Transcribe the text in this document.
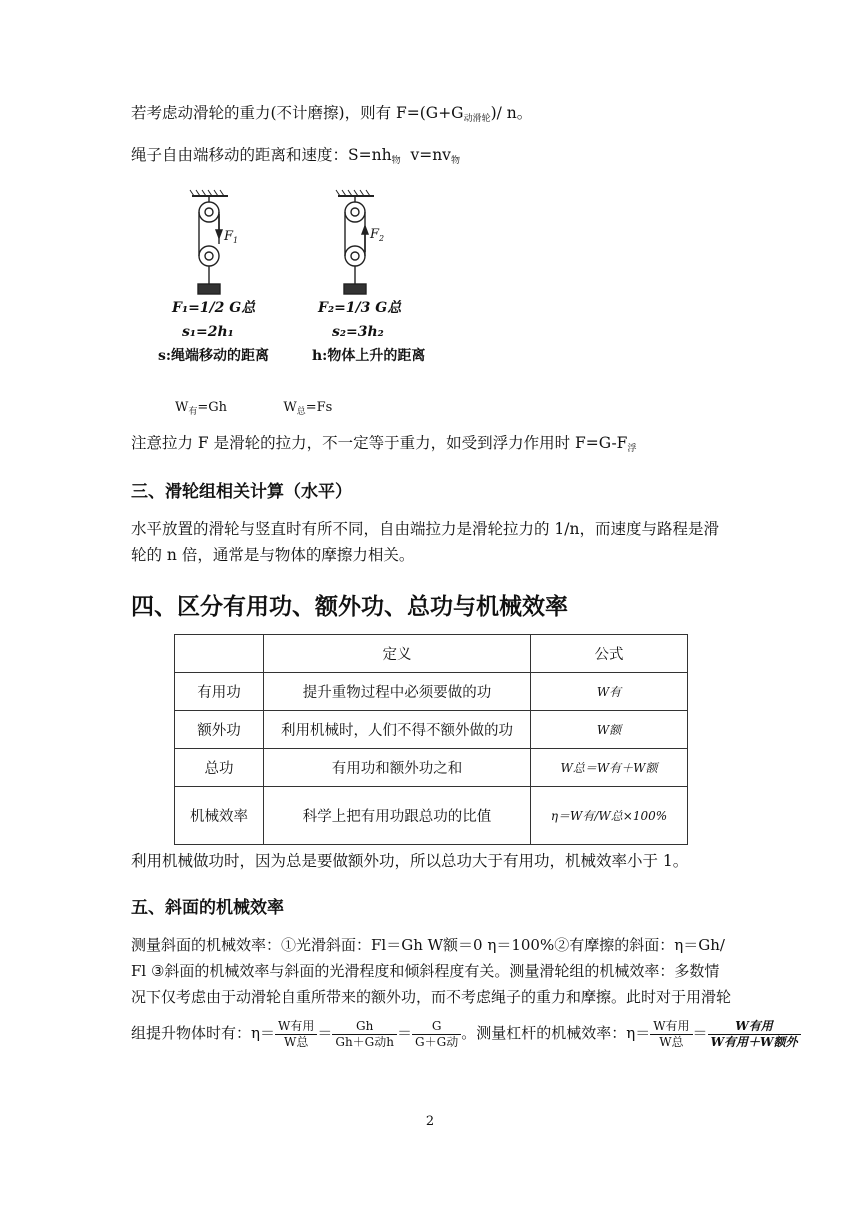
若考虑动滑轮的重力(不计磨擦)，则有 $F=(G+G_{动滑轮})/$ n。
绳子自由端移动的距离和速度：$S=nh_物$  $v=nv_物$
$F_1$	$F_2$
F₁=1/2 G总
s₁=2h₁
F₂=1/3 G总
s₂=3h₂
s:绳端移动的距离	h:物体上升的距离
$W_有=Gh$	$W_总=Fs$
注意拉力 F 是滑轮的拉力，不一定等于重力，如受到浮力作用时 $F=G-F_浮$
三、滑轮组相关计算（水平）
水平放置的滑轮与竖直时有所不同，自由端拉力是滑轮拉力的 1/n，而速度与路程是滑轮的 n 倍，通常是与物体的摩擦力相关。
四、区分有用功、额外功、总功与机械效率
	定义	公式
有用功	提升重物过程中必须要做的功	W有
额外功	利用机械时，人们不得不额外做的功	W额
总功	有用功和额外功之和	W总＝W有＋W额
机械效率	科学上把有用功跟总功的比值	η＝W有/W总×100%
利用机械做功时，因为总是要做额外功，所以总功大于有用功，机械效率小于 1。
五、斜面的机械效率
测量斜面的机械效率：①光滑斜面：Fl＝Gh W额＝0 η＝100%②有摩擦的斜面：η＝Gh/
Fl ③斜面的机械效率与斜面的光滑程度和倾斜程度有关。测量滑轮组的机械效率：多数情
况下仅考虑由于动滑轮自重所带来的额外功，而不考虑绳子的重力和摩擦。此时对于用滑轮
组提升物体时有：$\eta= \frac{\text{W有用}}{\text{W总}} = \frac{Gh}{\text{Gh＋G动h}} = \frac{G}{\text{G＋G动}}$ 。测量杠杆的机械效率：$\eta= \frac{\text{W有用}}{\text{W总}} = \frac{\text{W有用}}{\text{W有用＋W额外}}$
2
